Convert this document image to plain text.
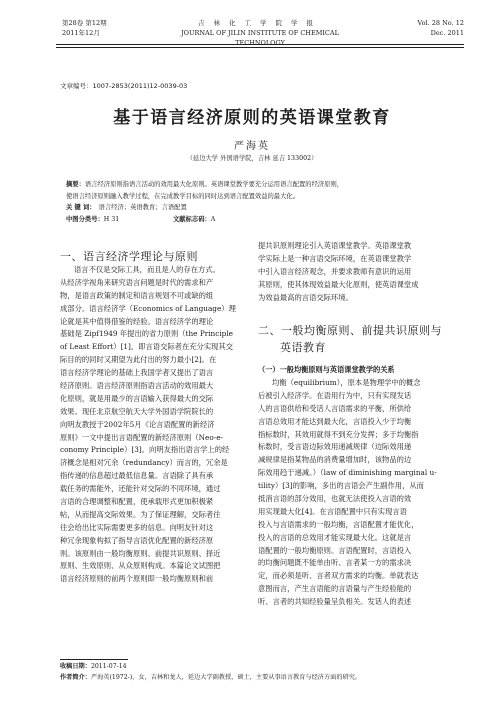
第28卷 第12期
2011年12月
吉林化工学院学报
JOURNAL OF JILIN INSTITUTE OF CHEMICAL TECHNOLOGY
Vol. 28 No. 12
Dec. 2011
文章编号：1007-2853(2011)12-0039-03
基于语言经济原则的英语课堂教育
严海英
（延边大学 外国语学院，吉林 延吉 133002）
摘要：语言经济原则指语言活动的效用最大化原则。英语课堂教学要充分运用语言配置的经济原则，
使语言经济原则融入教学过程，在完成教学目标的同时达到语言配置效益的最大化。
关 键 词： 语言经济；英语教育；言语配置
中图分类号：H 31	文献标志码：A
一、语言经济学理论与原则
语言不仅是交际工具，而且是人的存在方式。
从经济学视角来研究语言问题是时代的需求和产
物，是语言政策的制定和语言规划不可或缺的组
成部分。语言经济学（Economics of Language）理
论就是其中值得借鉴的经验。语言经济学的理论
基础是 Zipf1949 年提出的省力原则（the Principle
of Least Effort）[1]，即言语交际者在充分实现其交
际目的的同时又期望为此付出的努力最小[2]。在
语言经济学理论的基础上我国学者又提出了语言
经济原则。语言经济原则指语言活动的效用最大
化原则，就是用最少的言语输入获得最大的交际
效果。现任北京航空航天大学外国语学院院长的
向明友教授于2002年5月《论言语配置的新经济
原则》一文中提出言语配置的新经济原则（Neo-e-
conomy Principle）[3]。向明友指出语言学上的经
济概念是相对冗余（redundancy）而言的，冗余是
指传递的信息超过最低信息量。言语除了具有承
载任务的需能外，还能针对交际的不同环境，通过
言语的合理调整和配置，使承载形式更加积极紧
帖，从而提高交际效果。为了保证理解，交际者往
往会给出比实际需要更多的信息。向明友针对这
种冗余现象构拟了指导言语优化配置的新经济原
则。该原则由一般均衡原则、前提共识原则、择近
原则、生效原则、从众原则构成。本篇论文试图把
语言经济原则的前两个原则即一般均衡原则和前
提共识原则理论引入英语课堂教学。英语课堂教
学实际上是一种言语交际环境，在英语课堂教学
中引入语言经济观念，并要求教师有意识的运用
其原则，使其体现效益最大化原则，使英语课堂成
为效益最高的言语交际环境。
二、一般均衡原则、前提共识原则与
英语教育
（一）一般均衡原则与英语课堂教学的关系
均衡（equilibrium），原本是物理学中的概念
后被引入经济学。在语用行为中，只有实现发话
人的言语供给和受话人言语需求的平衡，所供给
言语总效用才能达到最大化，言语投入少于均衡
指标数时，其效用就得不到充分发挥；多于均衡指
标数时，受言语边际效用递减规律（边际效用递
减规律是指某物品的消费量增加时，该物品的边
际效用趋于递减。）（law of diminishing marginal u-
tility）[3]的影响，多出的言语会产生副作用，从而
抵消言语的部分效用，也就无法使投入言语的效
用实现最大化[4]。在言语配置中只有实现言语
投入与言语需求的一般均衡，言语配置才能优化，
投入的言语的总效用才能实现最大化。这就是言
语配置的一般均衡原则。言语配置时，言语投入
的均衡问题既不能单由听、言者某一方的需求决
定，而必须是听、言者双方需求的均衡。单就表达
意图而言，产生言语能的言语量与产生经验能的
听、言者的共知经验量呈负相关。发话人的表述
收稿日期：2011-07-14
作者简介：严海英(1972-)，女，吉林和龙人，延边大学副教授，硕士，主要从事语言教育与经济方面的研究。
